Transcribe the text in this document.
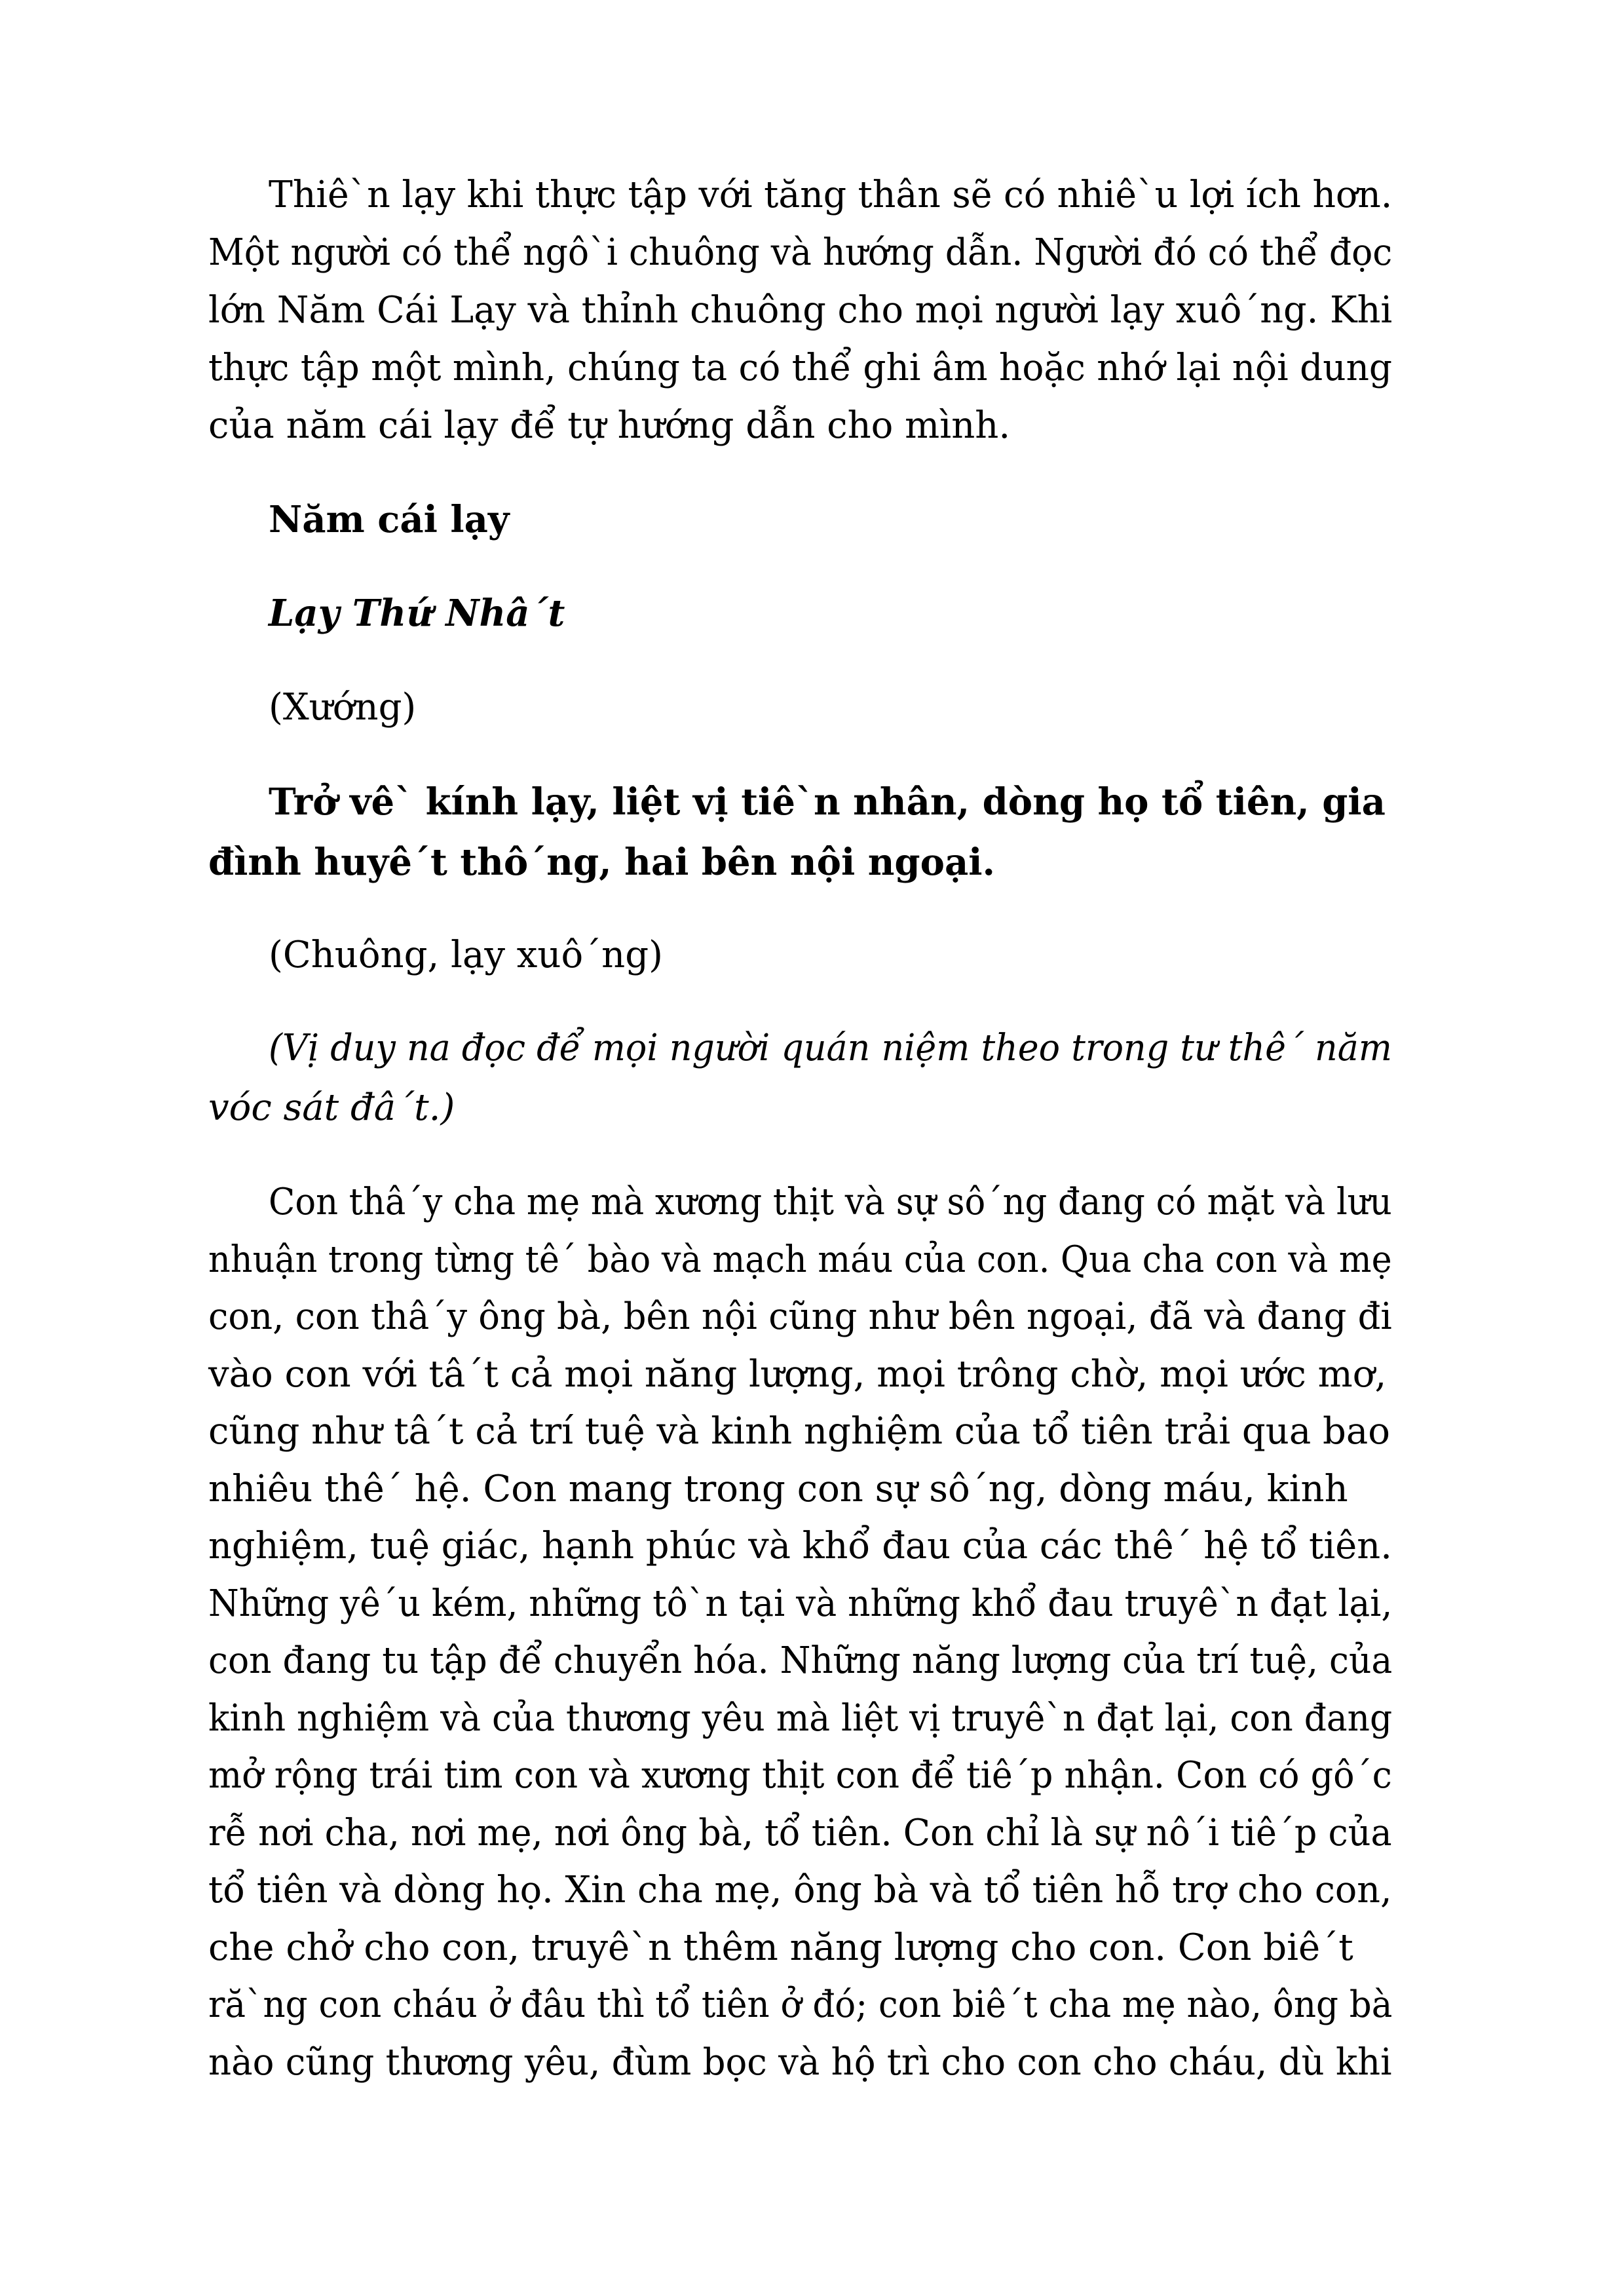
Thiê`n lạy khi thực tập với tăng thân sẽ có nhiê`u lợi ích hơn.
Một người có thể ngô`i chuông và hướng dẫn. Người đó có thể đọc
lớn Năm Cái Lạy và thỉnh chuông cho mọi người lạy xuô´ng. Khi
thực tập một mình, chúng ta có thể ghi âm hoặc nhớ lại nội dung
của năm cái lạy để tự hướng dẫn cho mình.
Năm cái lạy
Lạy Thứ Nhâ´t
(Xướng)
Trở vê` kính lạy, liệt vị tiê`n nhân, dòng họ tổ tiên, gia
đình huyê´t thô´ng, hai bên nội ngoại.
(Chuông, lạy xuô´ng)
(Vị duy na đọc để mọi người quán niệm theo trong tư thê´ năm
vóc sát đâ´t.)
Con thâ´y cha mẹ mà xương thịt và sự sô´ng đang có mặt và lưu
nhuận trong từng tê´ bào và mạch máu của con. Qua cha con và mẹ
con, con thâ´y ông bà, bên nội cũng như bên ngoại, đã và đang đi
vào con với tâ´t cả mọi năng lượng, mọi trông chờ, mọi ước mơ,
cũng như tâ´t cả trí tuệ và kinh nghiệm của tổ tiên trải qua bao
nhiêu thê´ hệ. Con mang trong con sự sô´ng, dòng máu, kinh
nghiệm, tuệ giác, hạnh phúc và khổ đau của các thê´ hệ tổ tiên.
Những yê´u kém, những tô`n tại và những khổ đau truyê`n đạt lại,
con đang tu tập để chuyển hóa. Những năng lượng của trí tuệ, của
kinh nghiệm và của thương yêu mà liệt vị truyê`n đạt lại, con đang
mở rộng trái tim con và xương thịt con để tiê´p nhận. Con có gô´c
rễ nơi cha, nơi mẹ, nơi ông bà, tổ tiên. Con chỉ là sự nô´i tiê´p của
tổ tiên và dòng họ. Xin cha mẹ, ông bà và tổ tiên hỗ trợ cho con,
che chở cho con, truyê`n thêm năng lượng cho con. Con biê´t
ră`ng con cháu ở đâu thì tổ tiên ở đó; con biê´t cha mẹ nào, ông bà
nào cũng thương yêu, đùm bọc và hộ trì cho con cho cháu, dù khi
